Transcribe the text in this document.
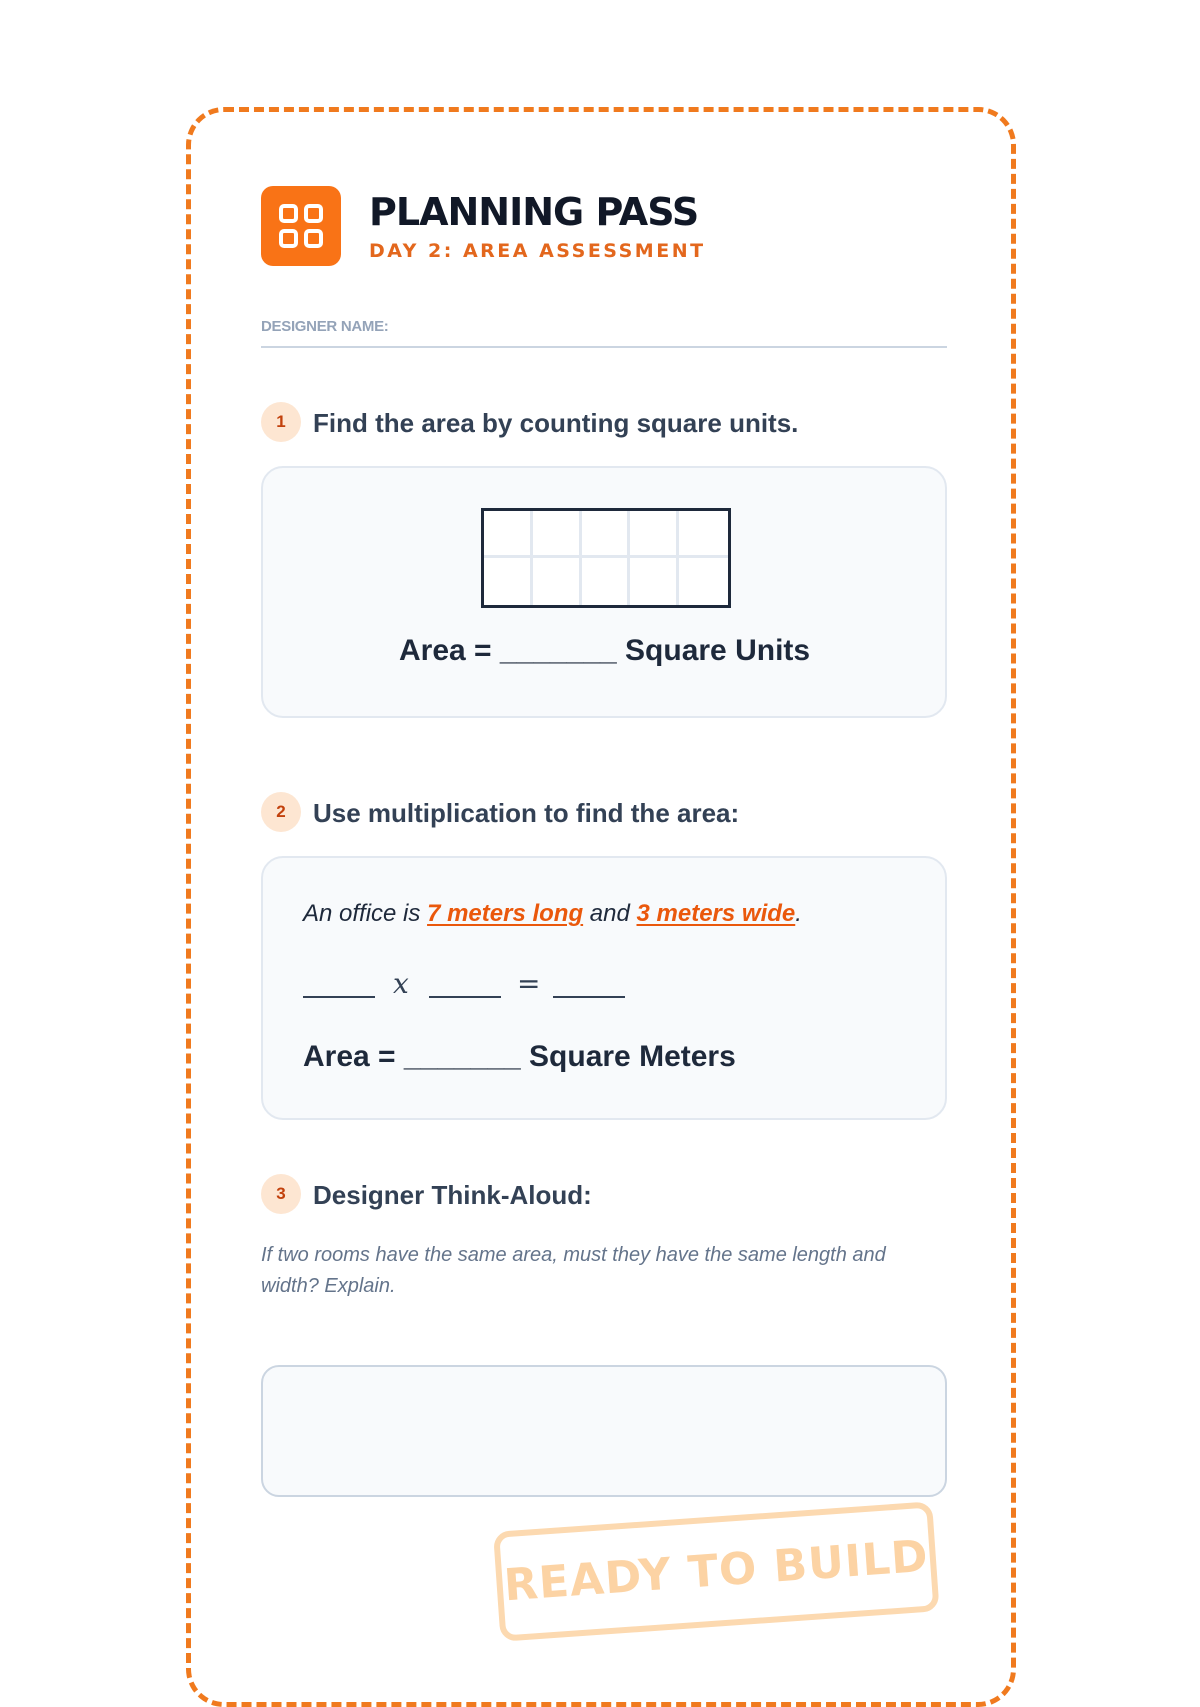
PLANNING PASS
DAY 2: AREA ASSESSMENT
DESIGNER NAME:
1	Find the area by counting square units.
Area = _______ Square Units
2	Use multiplication to find the area:
An office is 7 meters long and 3 meters wide.
x	=
Area = _______ Square Meters
3	Designer Think-Aloud:
If two rooms have the same area, must they have the same length and width? Explain.
READY TO BUILD
